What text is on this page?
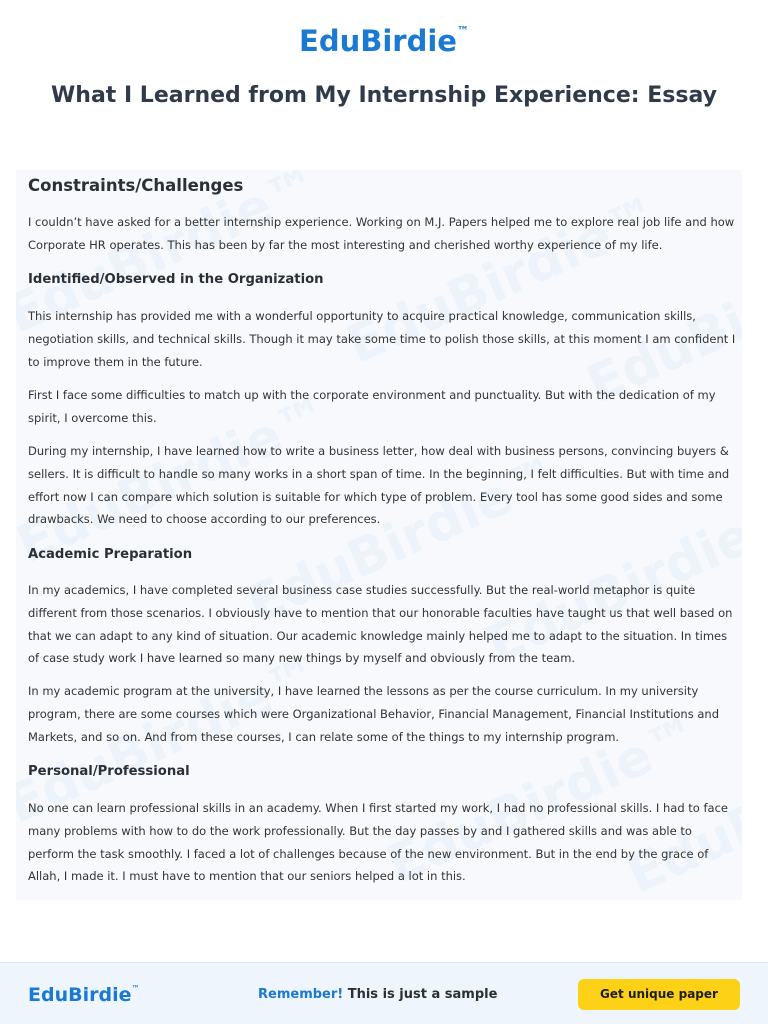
EduBirdie™
What I Learned from My Internship Experience: Essay
Constraints/Challenges

I couldn’t have asked for a better internship experience. Working on M.J. Papers helped me to explore real job life and how Corporate HR operates. This has been by far the most interesting and cherished worthy experience of my life.

Identified/Observed in the Organization

This internship has provided me with a wonderful opportunity to acquire practical knowledge, communication skills, negotiation skills, and technical skills. Though it may take some time to polish those skills, at this moment I am confident I to improve them in the future.

First I face some difficulties to match up with the corporate environment and punctuality. But with the dedication of my spirit, I overcome this.

During my internship, I have learned how to write a business letter, how deal with business persons, convincing buyers & sellers. It is difficult to handle so many works in a short span of time. In the beginning, I felt difficulties. But with time and effort now I can compare which solution is suitable for which type of problem. Every tool has some good sides and some drawbacks. We need to choose according to our preferences.

Academic Preparation

In my academics, I have completed several business case studies successfully. But the real-world metaphor is quite different from those scenarios. I obviously have to mention that our honorable faculties have taught us that well based on that we can adapt to any kind of situation. Our academic knowledge mainly helped me to adapt to the situation. In times of case study work I have learned so many new things by myself and obviously from the team.

In my academic program at the university, I have learned the lessons as per the course curriculum. In my university program, there are some courses which were Organizational Behavior, Financial Management, Financial Institutions and Markets, and so on. And from these courses, I can relate some of the things to my internship program.

Personal/Professional

No one can learn professional skills in an academy. When I first started my work, I had no professional skills. I had to face many problems with how to do the work professionally. But the day passes by and I gathered skills and was able to perform the task smoothly. I faced a lot of challenges because of the new environment. But in the end by the grace of Allah, I made it. I must have to mention that our seniors helped a lot in this.

EduBirdie™	Remember! This is just a sample	Get unique paper
